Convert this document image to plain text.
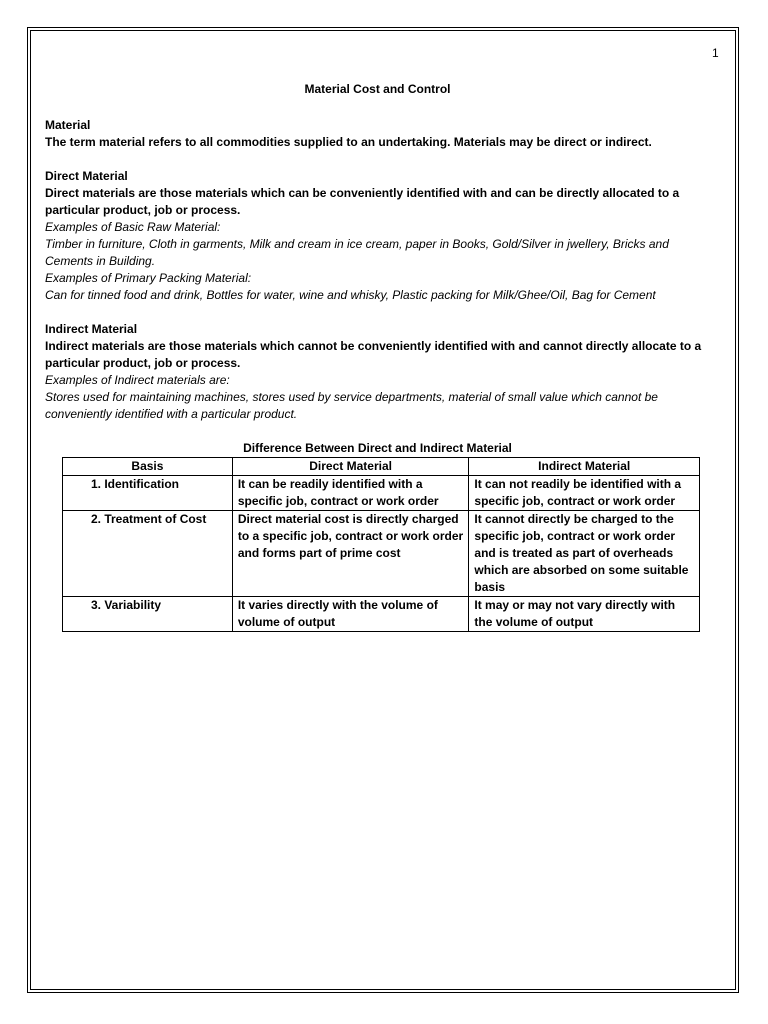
1

Material Cost and Control

Material

The term material refers to all commodities supplied to an undertaking. Materials may be direct or indirect.

Direct Material

Direct materials are those materials which can be conveniently identified with and can be directly allocated to a particular product, job or process.

Examples of Basic Raw Material:

Timber in furniture, Cloth in garments, Milk and cream in ice cream, paper in Books, Gold/Silver in jwellery, Bricks and Cements in Building.

Examples of Primary Packing Material:

Can for tinned food and drink, Bottles for water, wine and whisky, Plastic packing for Milk/Ghee/Oil, Bag for Cement

Indirect Material

Indirect materials are those materials which cannot be conveniently identified with and cannot directly allocate to a particular product, job or process.

Examples of Indirect materials are:

Stores used for maintaining machines, stores used by service departments, material of small value which cannot be conveniently identified with a particular product.

Difference Between Direct and Indirect Material

Basis	Direct Material	Indirect Material
1. Identification	It can be readily identified with a specific job, contract or work order	It can not readily be identified with a specific job, contract or work order
2. Treatment of Cost	Direct material cost is directly charged to a specific job, contract or work order and forms part of prime cost	It cannot directly be charged to the specific job, contract or work order and is treated as part of overheads which are absorbed on some suitable basis
3. Variability	It varies directly with the volume of volume of output	It may or may not vary directly with the volume of output
